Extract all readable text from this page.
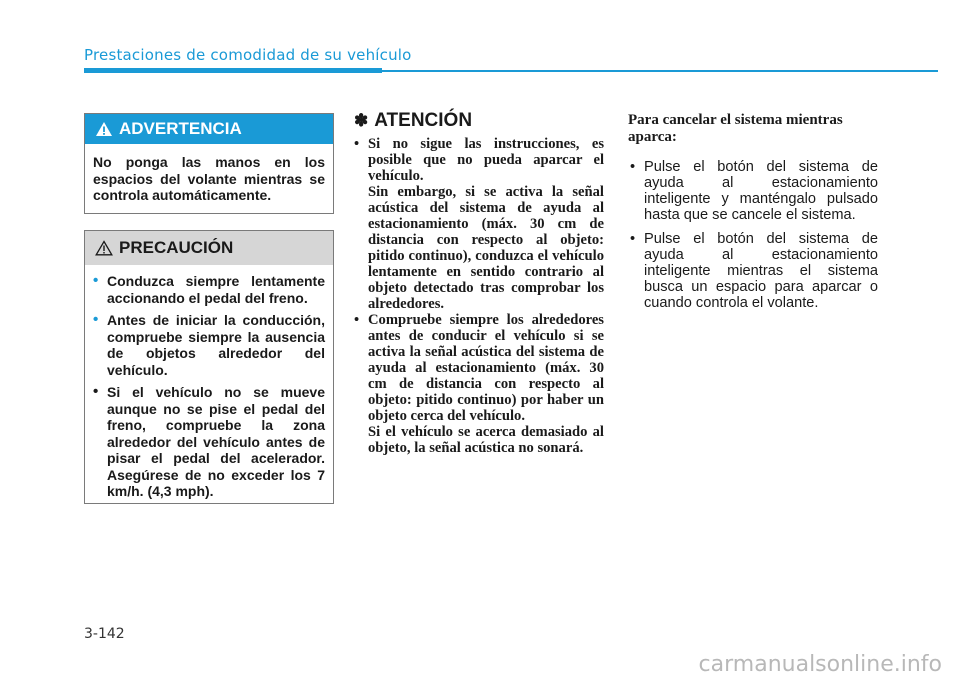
Prestaciones de comodidad de su vehículo
ADVERTENCIA
No ponga las manos en los espacios del volante mientras se controla automáticamente.
PRECAUCIÓN
• Conduzca siempre lentamente accionando el pedal del freno.
• Antes de iniciar la conducción, compruebe siempre la ausencia de objetos alrededor del vehículo.
• Si el vehículo no se mueve aunque no se pise el pedal del freno, compruebe la zona alrededor del vehículo antes de pisar el pedal del acelerador. Asegúrese de no exceder los 7 km/h. (4,3 mph).
✽ ATENCIÓN

• Si no sigue las instrucciones, es posible que no pueda aparcar el vehículo.

Sin embargo, si se activa la señal acústica del sistema de ayuda al estacionamiento (máx. 30 cm de distancia con respecto al objeto: pitido continuo), conduzca el vehículo lentamente en sentido contrario al objeto detectado tras comprobar los alrededores.

• Compruebe siempre los alrededores antes de conducir el vehículo si se activa la señal acústica del sistema de ayuda al estacionamiento (máx. 30 cm de distancia con respecto al objeto: pitido continuo) por haber un objeto cerca del vehículo.

Si el vehículo se acerca demasiado al objeto, la señal acústica no sonará.

Para cancelar el sistema mientras aparca:
• Pulse el botón del sistema de ayuda al estacionamiento inteligente y manténgalo pulsado hasta que se cancele el sistema.
• Pulse el botón del sistema de ayuda al estacionamiento inteligente mientras el sistema busca un espacio para aparcar o cuando controla el volante.
3-142
carmanualsonline.info
